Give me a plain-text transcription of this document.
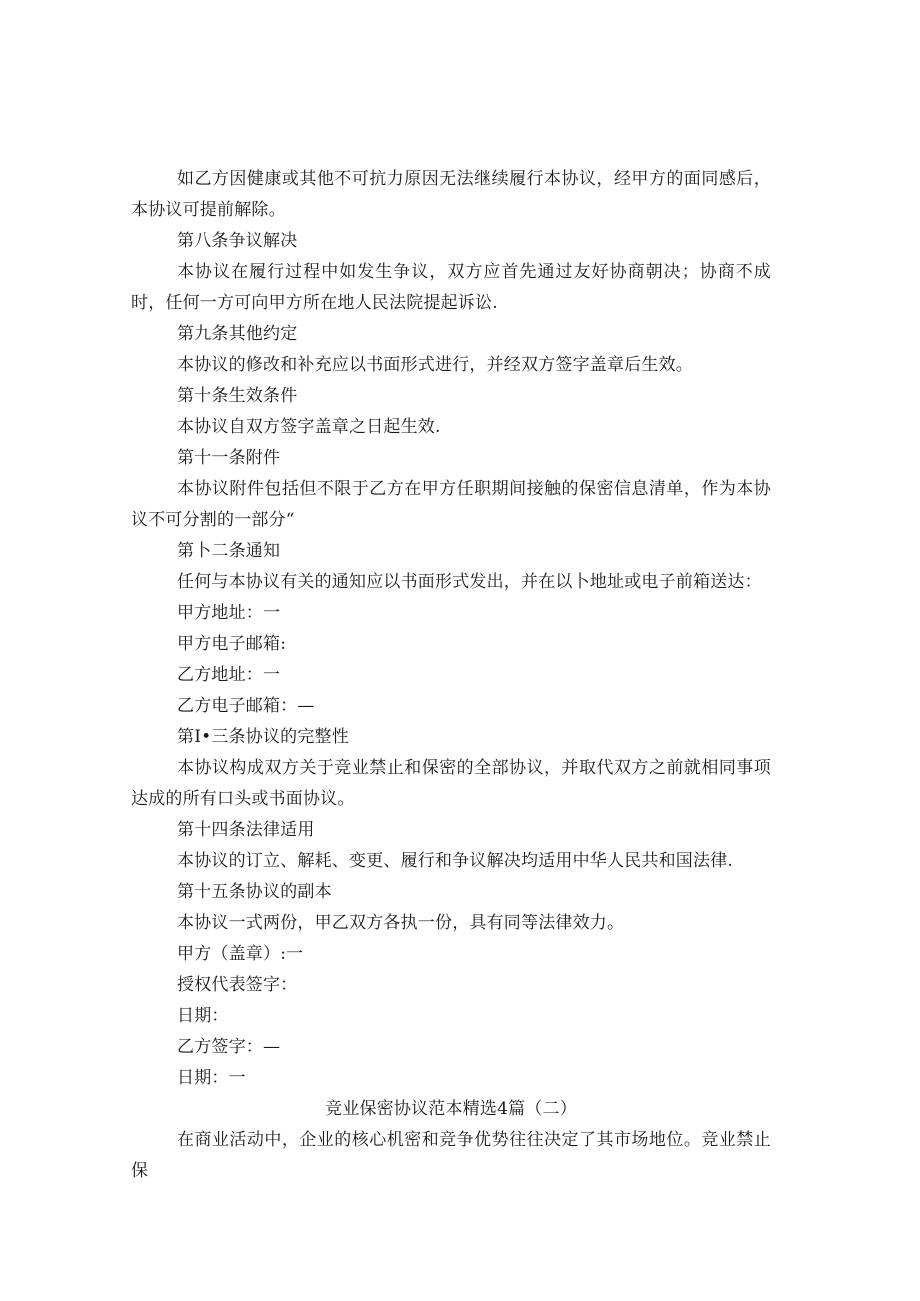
如乙方因健康或其他不可抗力原因无法继续履行本协议，经甲方的面同感后，本协议可提前解除。

第八条争议解决

本协议在履行过程中如发生争议，双方应首先通过友好协商朝决；协商不成时，任何一方可向甲方所在地人民法院提起诉讼.

第九条其他约定

本协议的修改和补充应以书面形式进行，并经双方签字盖章后生效。

第十条生效条件

本协议自双方签字盖章之日起生效.

第十一条附件

本协议附件包括但不限于乙方在甲方任职期间接触的保密信息清单，作为本协议不可分割的一部分“

第卜二条通知

任何与本协议有关的通知应以书面形式发出，并在以卜地址或电子前箱送达：

甲方地址：一

甲方电子邮箱:

乙方地址：一

乙方电子邮箱：—

第I•三条协议的完整性

本协议构成双方关于竞业禁止和保密的全部协议，并取代双方之前就相同事项达成的所有口头或书面协议。

第十四条法律适用

本协议的订立、解耗、变更、履行和争议解决均适用中华人民共和国法律.

第十五条协议的副本

本协议一式两份，甲乙双方各执一份，具有同等法律效力。

甲方（盖章）:一

授权代表签字：

日期：

乙方签字：—

日期：一

竞业保密协议范本精选4篇（二）

在商业活动中，企业的核心机密和竞争优势往往决定了其市场地位。竞业禁止保
